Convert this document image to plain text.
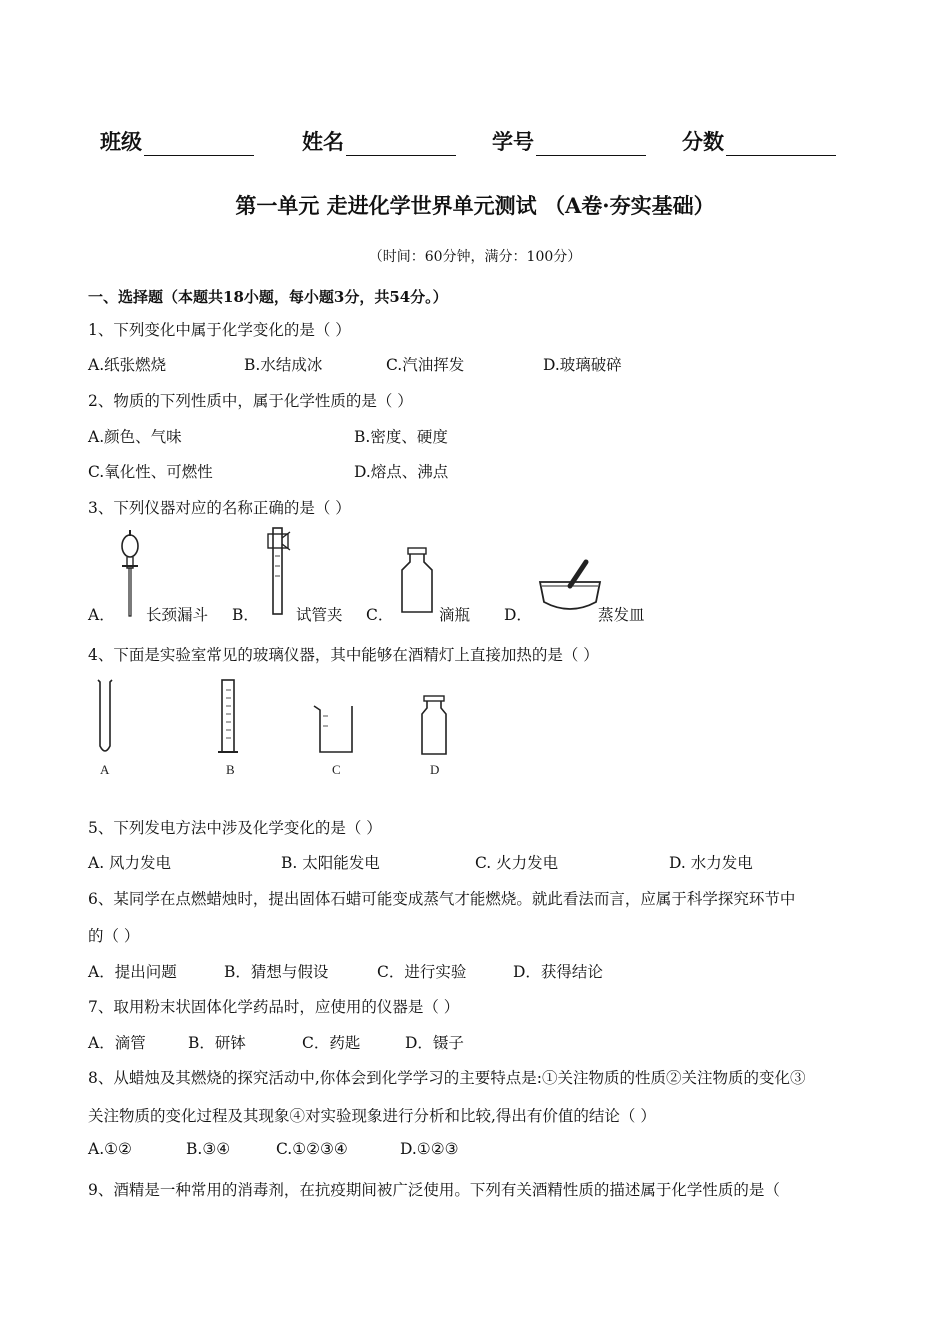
班级	姓名	学号	分数
第一单元 走进化学世界单元测试 （A卷·夯实基础）
（时间：60分钟，满分：100分）
一、选择题（本题共18小题，每小题3分，共54分。）
1、下列变化中属于化学变化的是（ ）
A.纸张燃烧	B.水结成冰	C.汽油挥发	D.玻璃破碎
2、物质的下列性质中，属于化学性质的是（ ）
A.颜色、气味	B.密度、硬度
C.氧化性、可燃性	D.熔点、沸点
3、下列仪器对应的名称正确的是（ ）
A． 长颈漏斗 B． 试管夹 C．	滴瓶 D．	蒸发皿
4、下面是实验室常见的玻璃仪器，其中能够在酒精灯上直接加热的是（ ）
A	B	C	D
5、下列发电方法中涉及化学变化的是（ ）
A. 风力发电	B. 太阳能发电	C. 火力发电	D. 水力发电
6、某同学在点燃蜡烛时，提出固体石蜡可能变成蒸气才能燃烧。就此看法而言，应属于科学探究环节中
的（ ）
A．提出问题	B．猜想与假设	C．进行实验	D．获得结论
7、取用粉末状固体化学药品时，应使用的仪器是（ ）
A．滴管	B．研钵	C．药匙	D．镊子
8、从蜡烛及其燃烧的探究活动中,你体会到化学学习的主要特点是:①关注物质的性质②关注物质的变化③
关注物质的变化过程及其现象④对实验现象进行分析和比较,得出有价值的结论（ ）
A.①②	B.③④	C.①②③④	D.①②③
9、酒精是一种常用的消毒剂，在抗疫期间被广泛使用。下列有关酒精性质的描述属于化学性质的是（
